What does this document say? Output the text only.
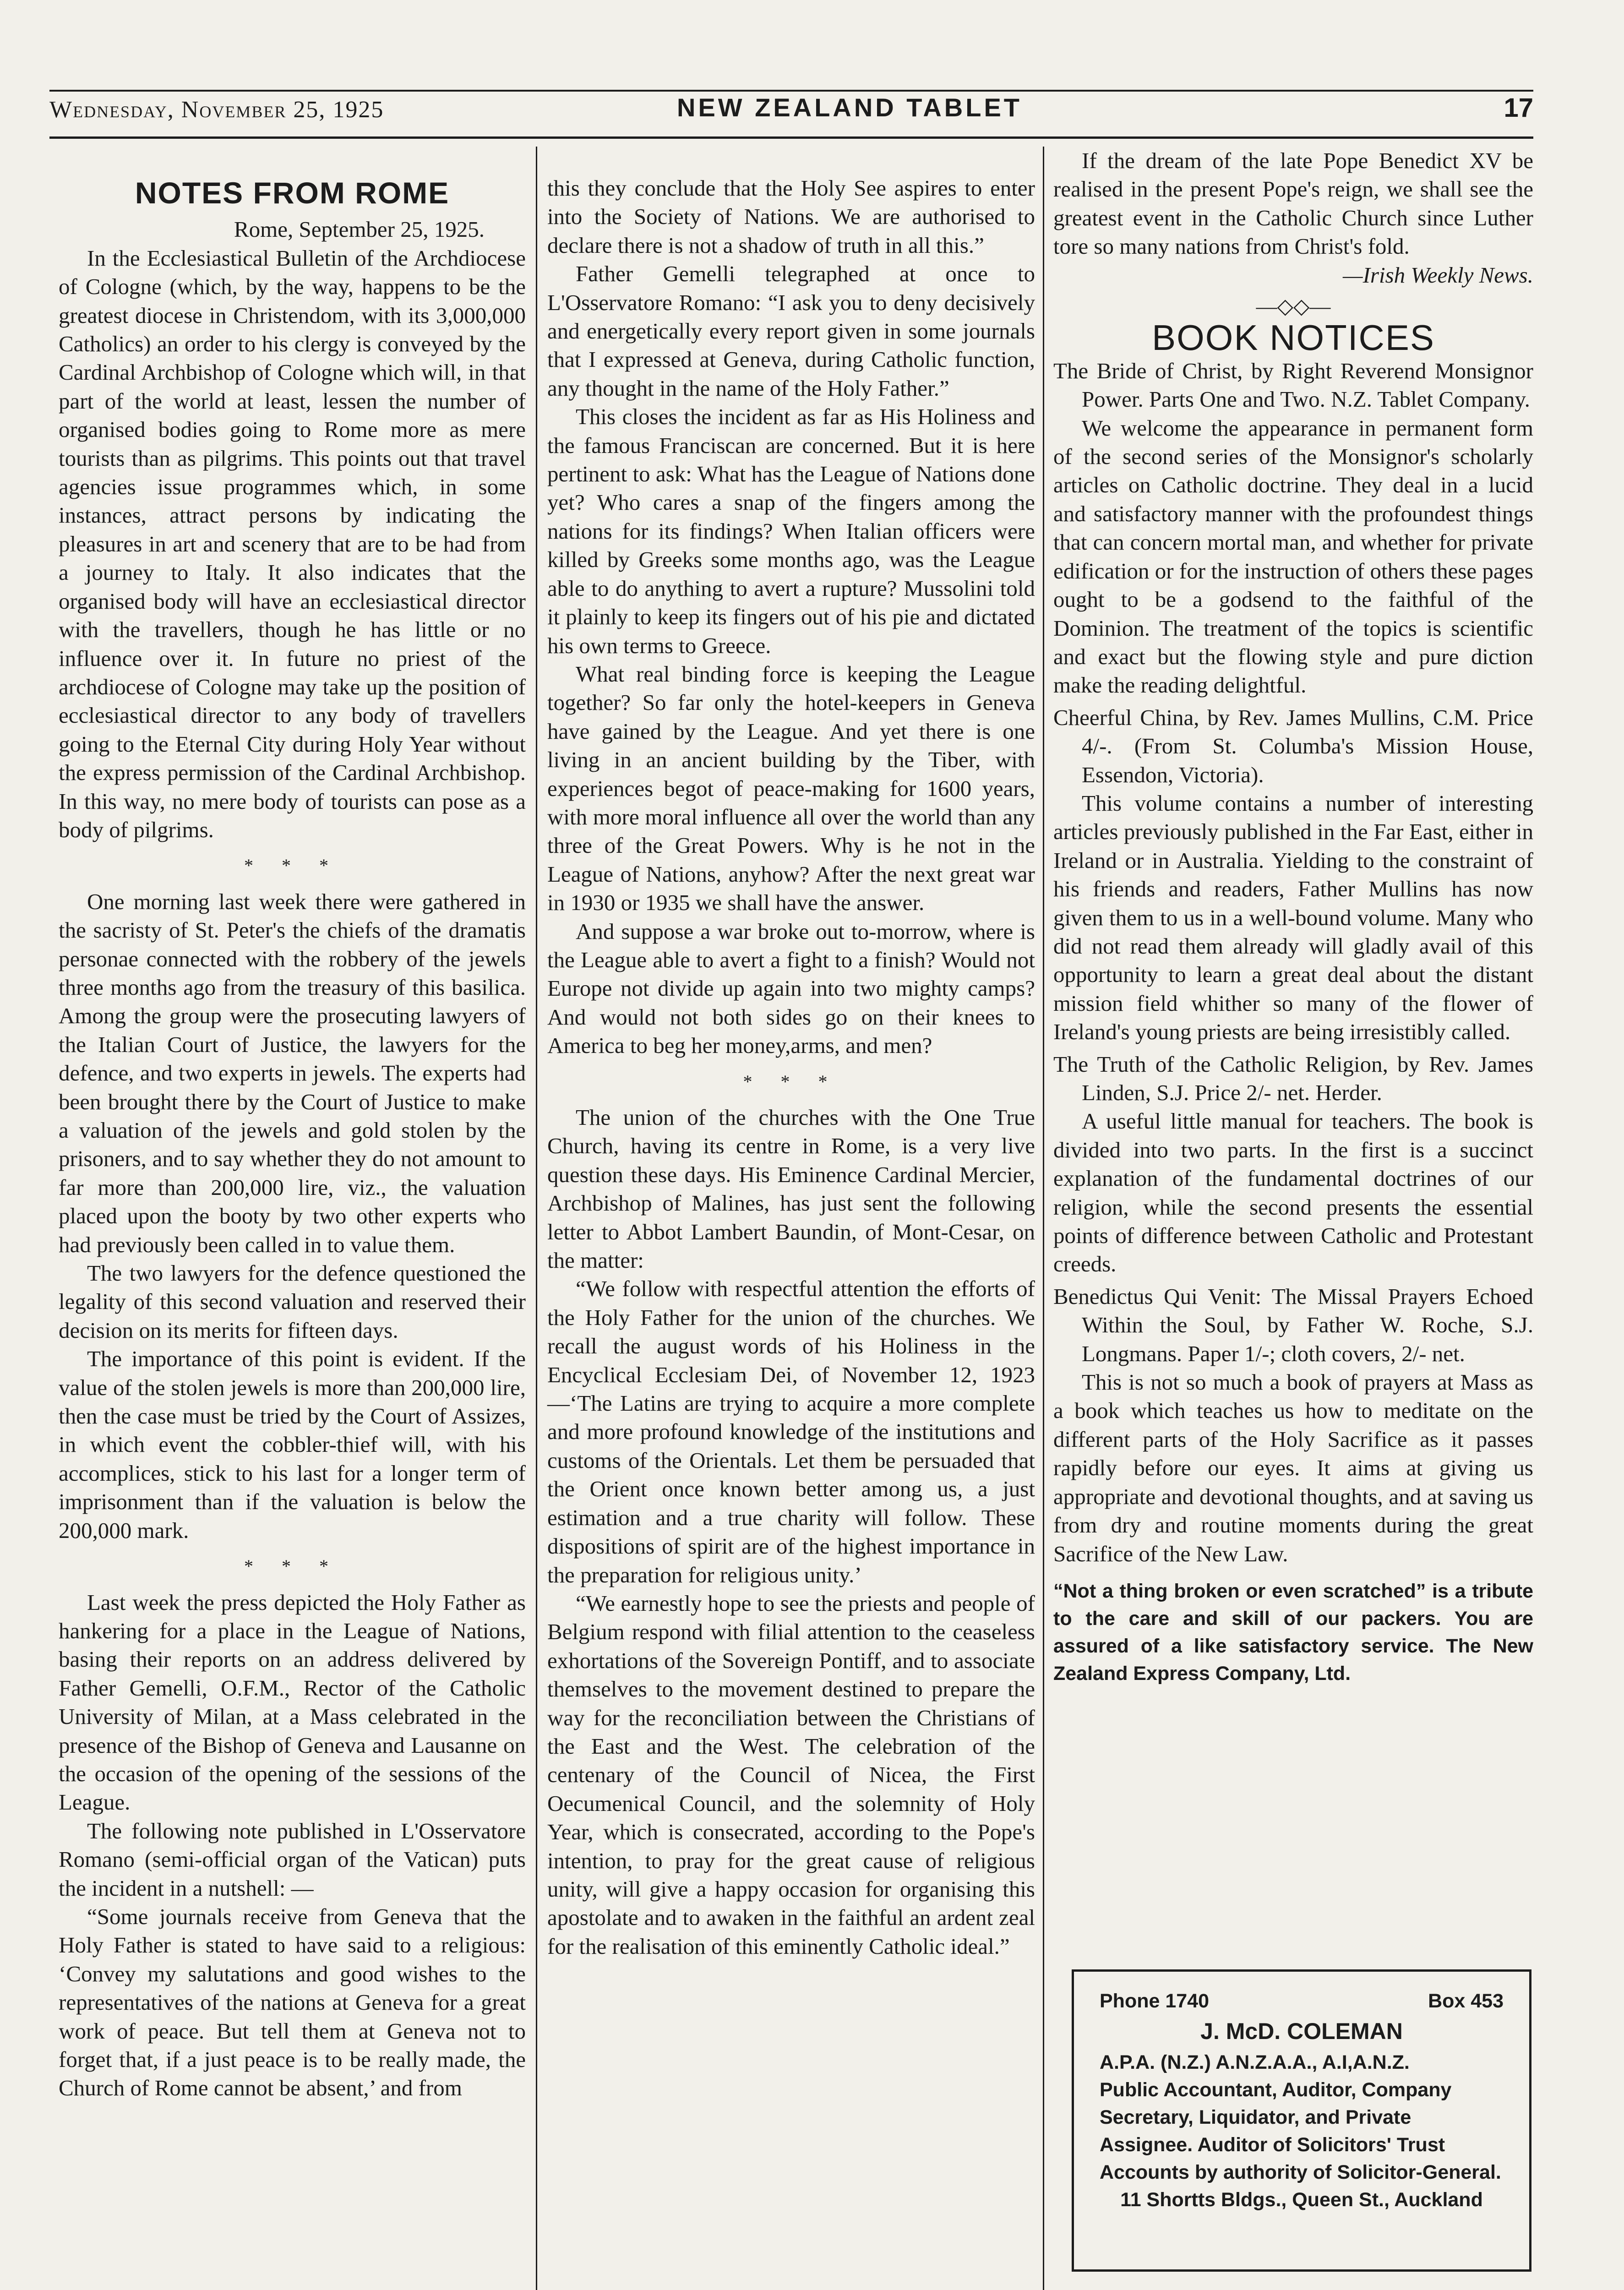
Wednesday, November 25, 1925	NEW ZEALAND TABLET	17
NOTES FROM ROME
Rome, September 25, 1925.

In the Ecclesiastical Bulletin of the Archdiocese of Cologne (which, by the way, happens to be the greatest diocese in Christendom, with its 3,000,000 Catholics) an order to his clergy is conveyed by the Cardinal Archbishop of Cologne which will, in that part of the world at least, lessen the number of organised bodies going to Rome more as mere tourists than as pilgrims. This points out that travel agencies issue programmes which, in some instances, attract persons by indicating the pleasures in art and scenery that are to be had from a journey to Italy. It also indicates that the organised body will have an ecclesiastical director with the travellers, though he has little or no influence over it. In future no priest of the archdiocese of Cologne may take up the position of ecclesiastical director to any body of travellers going to the Eternal City during Holy Year without the express permission of the Cardinal Archbishop. In this way, no mere body of tourists can pose as a body of pilgrims.

* * *

One morning last week there were gathered in the sacristy of St. Peter's the chiefs of the dramatis personae connected with the robbery of the jewels three months ago from the treasury of this basilica. Among the group were the prosecuting lawyers of the Italian Court of Justice, the lawyers for the defence, and two experts in jewels. The experts had been brought there by the Court of Justice to make a valuation of the jewels and gold stolen by the prisoners, and to say whether they do not amount to far more than 200,000 lire, viz., the valuation placed upon the booty by two other experts who had previously been called in to value them.

The two lawyers for the defence questioned the legality of this second valuation and reserved their decision on its merits for fifteen days.

The importance of this point is evident. If the value of the stolen jewels is more than 200,000 lire, then the case must be tried by the Court of Assizes, in which event the cobbler-thief will, with his accomplices, stick to his last for a longer term of imprisonment than if the valuation is below the 200,000 mark.

* * *

Last week the press depicted the Holy Father as hankering for a place in the League of Nations, basing their reports on an address delivered by Father Gemelli, O.F.M., Rector of the Catholic University of Milan, at a Mass celebrated in the presence of the Bishop of Geneva and Lausanne on the occasion of the opening of the sessions of the League.

The following note published in L'Osservatore Romano (semi-official organ of the Vatican) puts the incident in a nutshell: —

“Some journals receive from Geneva that the Holy Father is stated to have said to a religious: ‘Convey my salutations and good wishes to the representatives of the nations at Geneva for a great work of peace. But tell them at Geneva not to forget that, if a just peace is to be really made, the Church of Rome cannot be absent,’ and from

this they conclude that the Holy See aspires to enter into the Society of Nations. We are authorised to declare there is not a shadow of truth in all this.”

Father Gemelli telegraphed at once to L'Osservatore Romano: “I ask you to deny decisively and energetically every report given in some journals that I expressed at Geneva, during Catholic function, any thought in the name of the Holy Father.”

This closes the incident as far as His Holiness and the famous Franciscan are concerned. But it is here pertinent to ask: What has the League of Nations done yet? Who cares a snap of the fingers among the nations for its findings? When Italian officers were killed by Greeks some months ago, was the League able to do anything to avert a rupture? Mussolini told it plainly to keep its fingers out of his pie and dictated his own terms to Greece.

What real binding force is keeping the League together? So far only the hotel-keepers in Geneva have gained by the League. And yet there is one living in an ancient building by the Tiber, with experiences begot of peace-making for 1600 years, with more moral influence all over the world than any three of the Great Powers. Why is he not in the League of Nations, anyhow? After the next great war in 1930 or 1935 we shall have the answer.

And suppose a war broke out to-morrow, where is the League able to avert a fight to a finish? Would not Europe not divide up again into two mighty camps? And would not both sides go on their knees to America to beg her money,arms, and men?

* * *

The union of the churches with the One True Church, having its centre in Rome, is a very live question these days. His Eminence Cardinal Mercier, Archbishop of Malines, has just sent the following letter to Abbot Lambert Baundin, of Mont-Cesar, on the matter:

“We follow with respectful attention the efforts of the Holy Father for the union of the churches. We recall the august words of his Holiness in the Encyclical Ecclesiam Dei, of November 12, 1923—‘The Latins are trying to acquire a more complete and more profound knowledge of the institutions and customs of the Orientals. Let them be persuaded that the Orient once known better among us, a just estimation and a true charity will follow. These dispositions of spirit are of the highest importance in the preparation for religious unity.’

“We earnestly hope to see the priests and people of Belgium respond with filial attention to the ceaseless exhortations of the Sovereign Pontiff, and to associate themselves to the movement destined to prepare the way for the reconciliation between the Christians of the East and the West. The celebration of the centenary of the Council of Nicea, the First Oecumenical Council, and the solemnity of Holy Year, which is consecrated, according to the Pope's intention, to pray for the great cause of religious unity, will give a happy occasion for organising this apostolate and to awaken in the faithful an ardent zeal for the realisation of this eminently Catholic ideal.”

If the dream of the late Pope Benedict XV be realised in the present Pope's reign, we shall see the greatest event in the Catholic Church since Luther tore so many nations from Christ's fold.

—Irish Weekly News.
—◇◇—
BOOK NOTICES

The Bride of Christ, by Right Reverend Monsignor Power. Parts One and Two. N.Z. Tablet Company.

We welcome the appearance in permanent form of the second series of the Monsignor's scholarly articles on Catholic doctrine. They deal in a lucid and satisfactory manner with the profoundest things that can concern mortal man, and whether for private edification or for the instruction of others these pages ought to be a godsend to the faithful of the Dominion. The treatment of the topics is scientific and exact but the flowing style and pure diction make the reading delightful.

Cheerful China, by Rev. James Mullins, C.M. Price 4/-. (From St. Columba's Mission House, Essendon, Victoria).

This volume contains a number of interesting articles previously published in the Far East, either in Ireland or in Australia. Yielding to the constraint of his friends and readers, Father Mullins has now given them to us in a well-bound volume. Many who did not read them already will gladly avail of this opportunity to learn a great deal about the distant mission field whither so many of the flower of Ireland's young priests are being irresistibly called.

The Truth of the Catholic Religion, by Rev. James Linden, S.J. Price 2/- net. Herder.

A useful little manual for teachers. The book is divided into two parts. In the first is a succinct explanation of the fundamental doctrines of our religion, while the second presents the essential points of difference between Catholic and Protestant creeds.

Benedictus Qui Venit: The Missal Prayers Echoed Within the Soul, by Father W. Roche, S.J. Longmans. Paper 1/-; cloth covers, 2/- net.

This is not so much a book of prayers at Mass as a book which teaches us how to meditate on the different parts of the Holy Sacrifice as it passes rapidly before our eyes. It aims at giving us appropriate and devotional thoughts, and at saving us from dry and routine moments during the great Sacrifice of the New Law.

“Not a thing broken or even scratched” is a tribute to the care and skill of our packers. You are assured of a like satisfactory service. The New Zealand Express Company, Ltd.
Phone 1740	Box 453
J. McD. COLEMAN
A.P.A. (N.Z.) A.N.Z.A.A., A.I,A.N.Z.
Public Accountant, Auditor, Company Secretary, Liquidator, and Private Assignee. Auditor of Solicitors' Trust Accounts by authority of Solicitor-General.
11 Shortts Bldgs., Queen St., Auckland
